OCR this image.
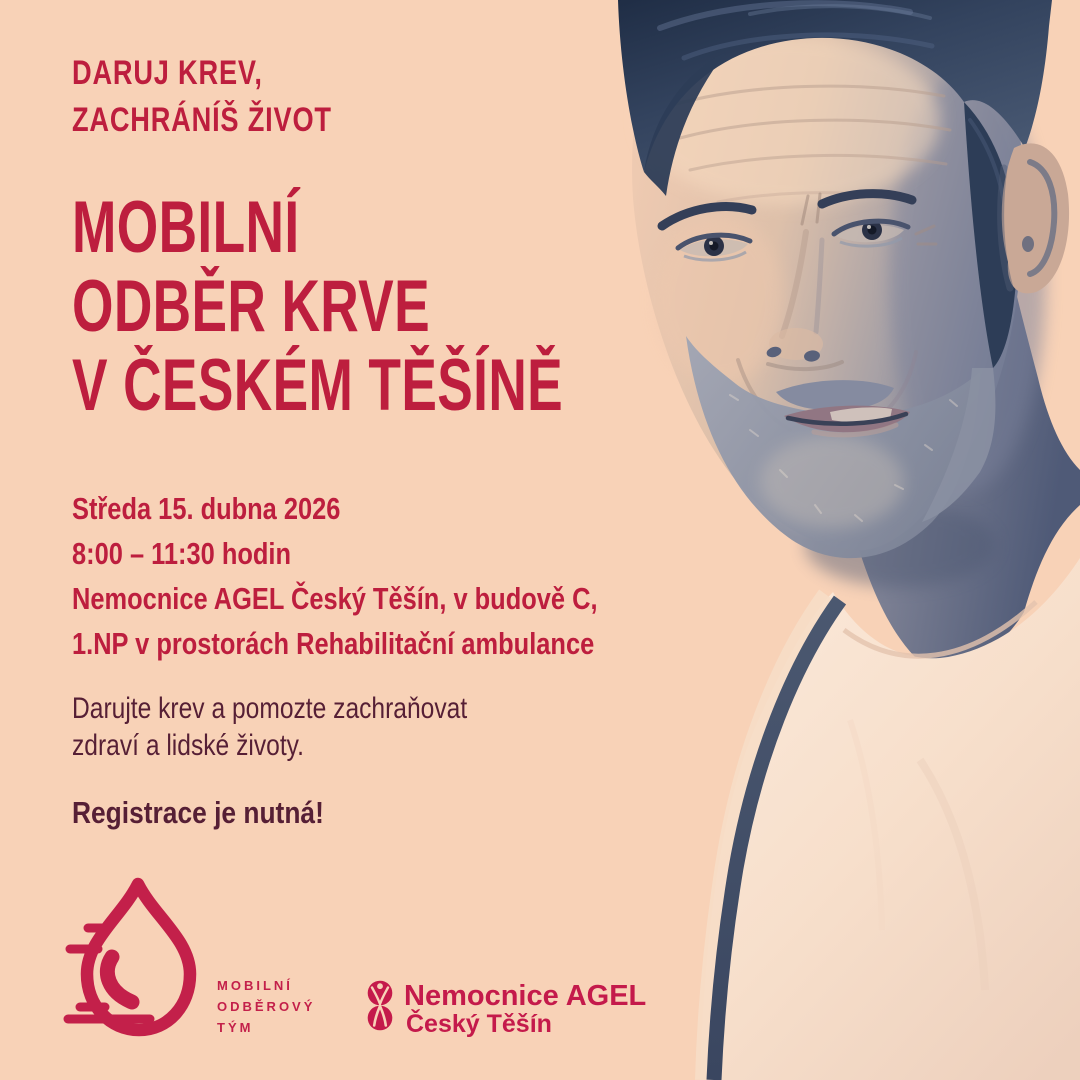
DARUJ KREV,
ZACHRÁNÍŠ ŽIVOT
MOBILNÍ
ODBĚR KRVE
V ČESKÉM TĚŠÍNĚ
Středa 15. dubna 2026
8:00 – 11:30 hodin
Nemocnice AGEL Český Těšín, v budově C,
1.NP v prostorách Rehabilitační ambulance
Darujte krev a pomozte zachraňovat
zdraví a lidské životy.
Registrace je nutná!
MOBILNÍ
ODBĚROVÝ
TÝM
Nemocnice AGEL
Český Těšín
